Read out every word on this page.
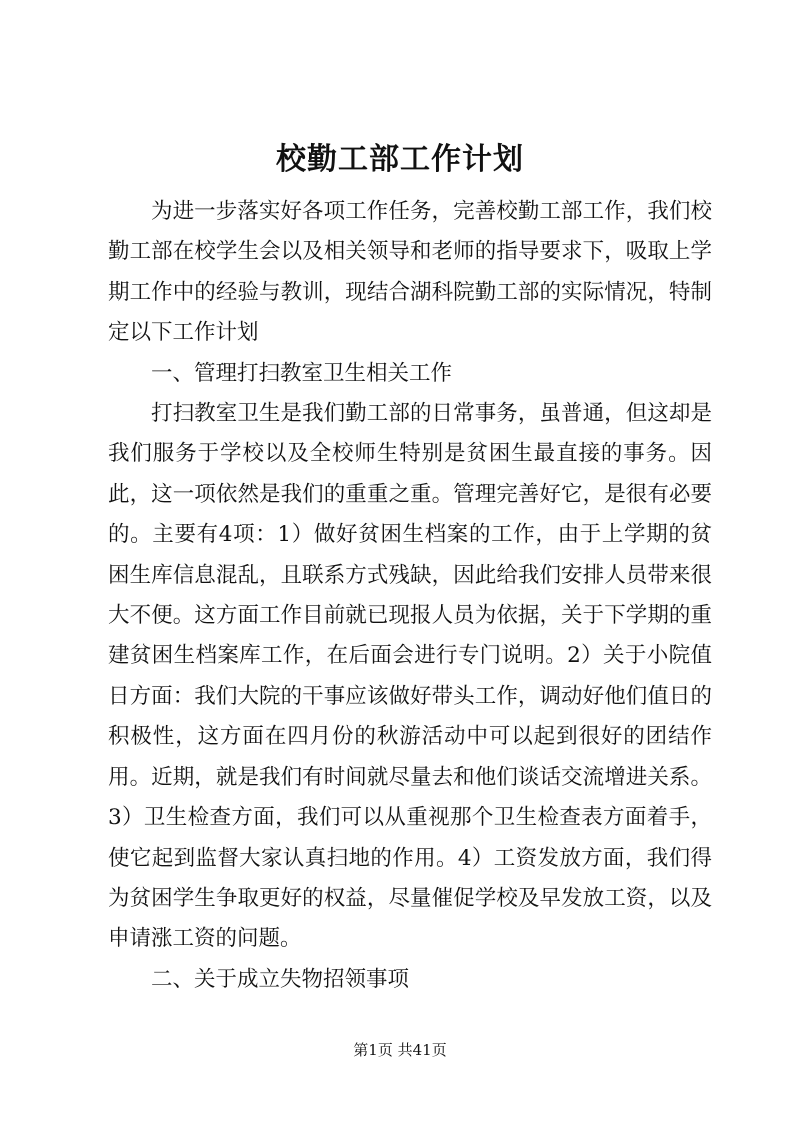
校勤工部工作计划

为进一步落实好各项工作任务，完善校勤工部工作，我们校勤工部在校学生会以及相关领导和老师的指导要求下，吸取上学期工作中的经验与教训，现结合湖科院勤工部的实际情况，特制定以下工作计划

一、管理打扫教室卫生相关工作

打扫教室卫生是我们勤工部的日常事务，虽普通，但这却是我们服务于学校以及全校师生特别是贫困生最直接的事务。因此，这一项依然是我们的重重之重。管理完善好它，是很有必要的。主要有4项：1）做好贫困生档案的工作，由于上学期的贫困生库信息混乱，且联系方式残缺，因此给我们安排人员带来很大不便。这方面工作目前就已现报人员为依据，关于下学期的重建贫困生档案库工作，在后面会进行专门说明。2）关于小院值日方面：我们大院的干事应该做好带头工作，调动好他们值日的积极性，这方面在四月份的秋游活动中可以起到很好的团结作用。近期，就是我们有时间就尽量去和他们谈话交流增进关系。3）卫生检查方面，我们可以从重视那个卫生检查表方面着手，使它起到监督大家认真扫地的作用。4）工资发放方面，我们得为贫困学生争取更好的权益，尽量催促学校及早发放工资，以及申请涨工资的问题。

二、关于成立失物招领事项

第1页 共41页
